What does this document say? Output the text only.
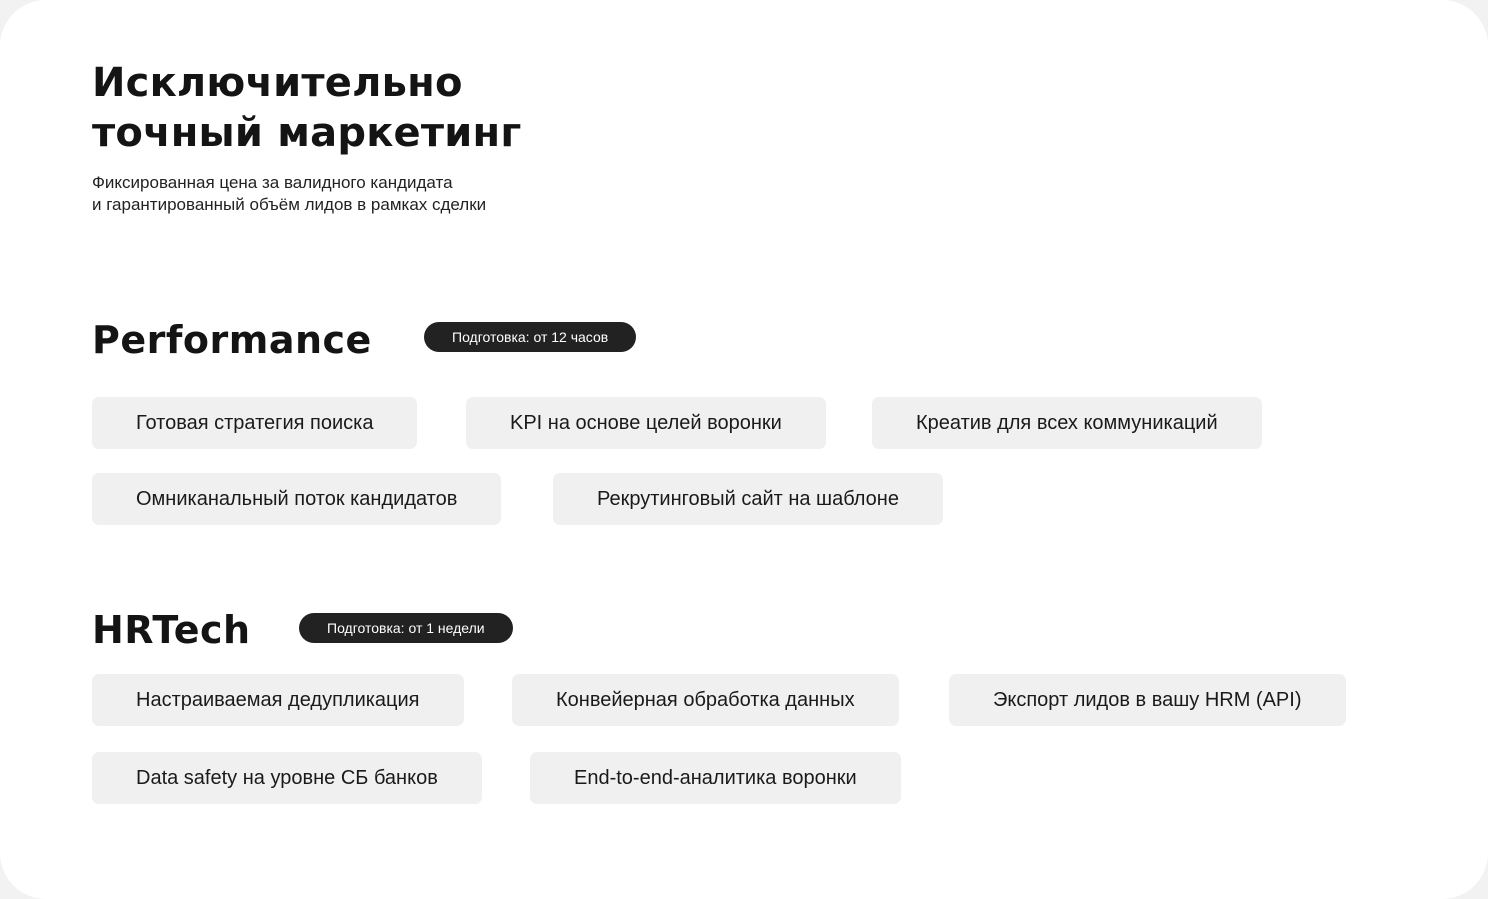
Исключительно
точный маркетинг

Фиксированная цена за валидного кандидата
и гарантированный объём лидов в рамках сделки

Performance	Подготовка: от 12 часов
Готовая стратегия поиска	KPI на основе целей воронки	Креатив для всех коммуникаций
Омниканальный поток кандидатов	Рекрутинговый сайт на шаблоне
HRTech	Подготовка: от 1 недели
Настраиваемая дедупликация	Конвейерная обработка данных	Экспорт лидов в вашу HRM (API)
Data safety на уровне СБ банков	End-to-end-аналитика воронки
